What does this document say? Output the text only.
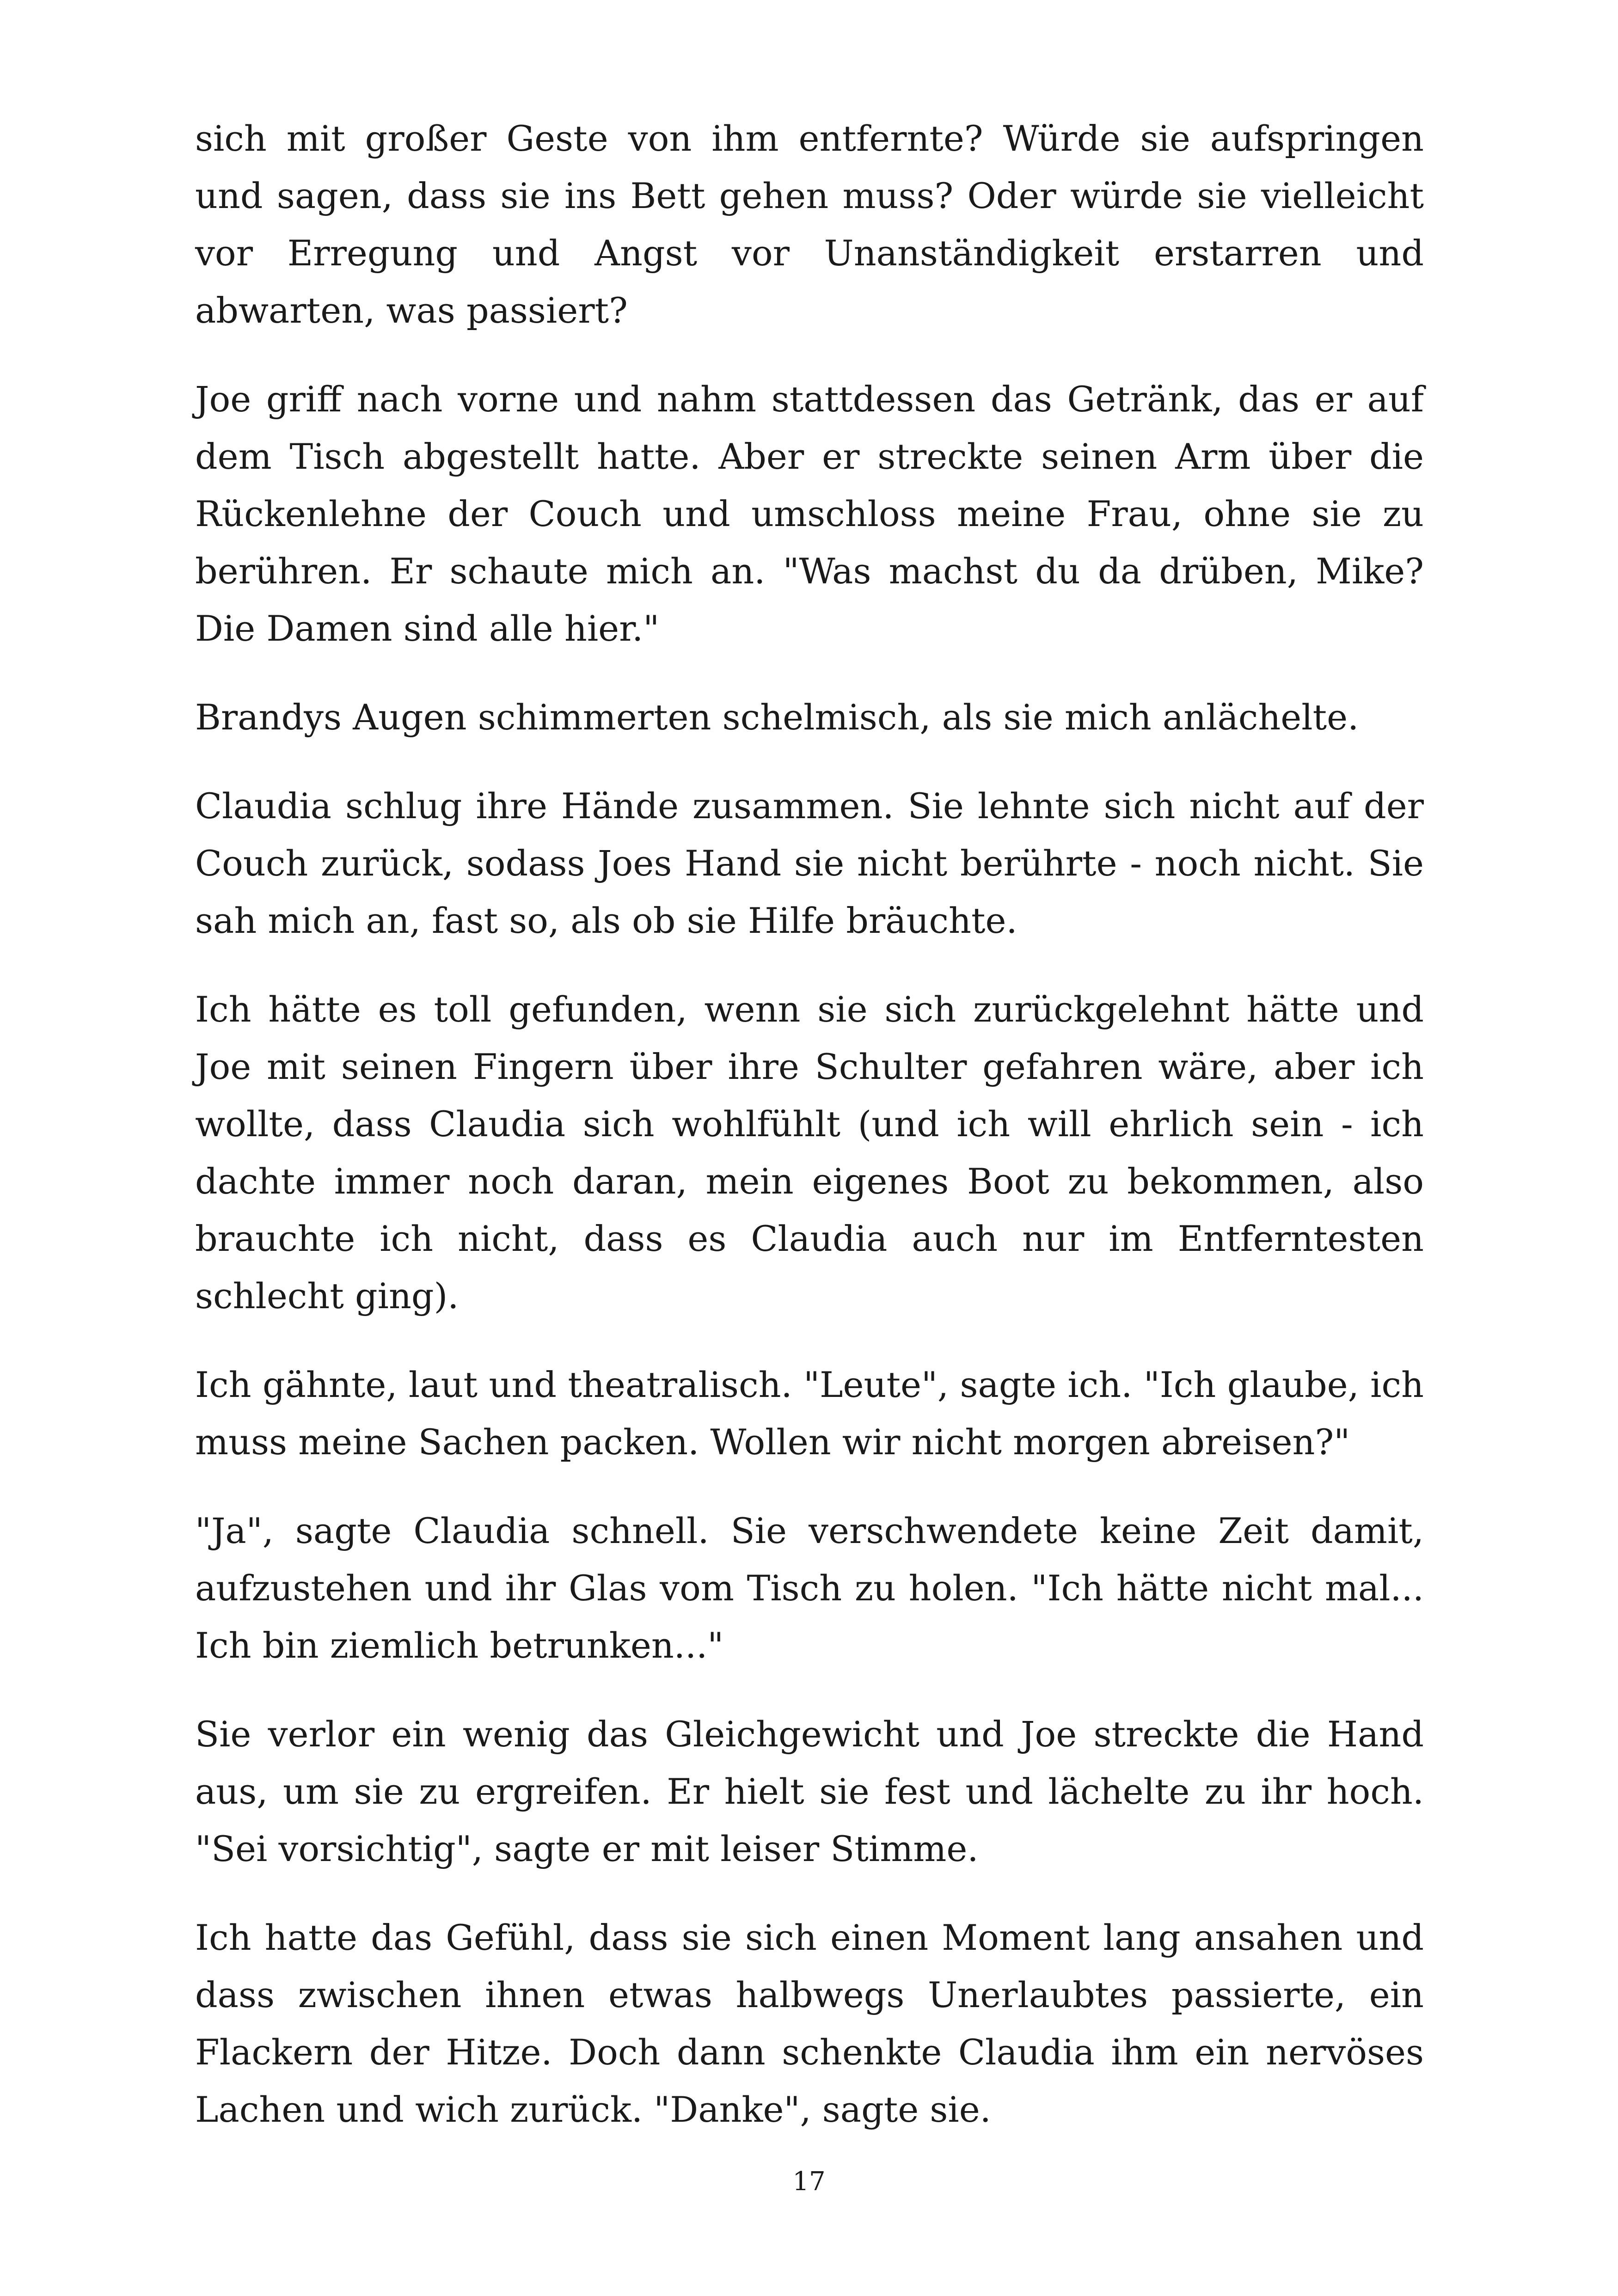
sich mit großer Geste von ihm entfernte? Würde sie aufspringen und sagen, dass sie ins Bett gehen muss? Oder würde sie vielleicht vor Erregung und Angst vor Unanständigkeit erstarren und abwarten, was passiert?

Joe griff nach vorne und nahm stattdessen das Getränk, das er auf dem Tisch abgestellt hatte. Aber er streckte seinen Arm über die Rückenlehne der Couch und umschloss meine Frau, ohne sie zu berühren. Er schaute mich an. "Was machst du da drüben, Mike? Die Damen sind alle hier."

Brandys Augen schimmerten schelmisch, als sie mich anlächelte.

Claudia schlug ihre Hände zusammen. Sie lehnte sich nicht auf der Couch zurück, sodass Joes Hand sie nicht berührte - noch nicht. Sie sah mich an, fast so, als ob sie Hilfe bräuchte.

Ich hätte es toll gefunden, wenn sie sich zurückgelehnt hätte und Joe mit seinen Fingern über ihre Schulter gefahren wäre, aber ich wollte, dass Claudia sich wohlfühlt (und ich will ehrlich sein - ich dachte immer noch daran, mein eigenes Boot zu bekommen, also brauchte ich nicht, dass es Claudia auch nur im Entferntesten schlecht ging).

Ich gähnte, laut und theatralisch. "Leute", sagte ich. "Ich glaube, ich muss meine Sachen packen. Wollen wir nicht morgen abreisen?"

"Ja", sagte Claudia schnell. Sie verschwendete keine Zeit damit, aufzustehen und ihr Glas vom Tisch zu holen. "Ich hätte nicht mal... Ich bin ziemlich betrunken..."

Sie verlor ein wenig das Gleichgewicht und Joe streckte die Hand aus, um sie zu ergreifen. Er hielt sie fest und lächelte zu ihr hoch. "Sei vorsichtig", sagte er mit leiser Stimme.

Ich hatte das Gefühl, dass sie sich einen Moment lang ansahen und dass zwischen ihnen etwas halbwegs Unerlaubtes passierte, ein Flackern der Hitze. Doch dann schenkte Claudia ihm ein nervöses Lachen und wich zurück. "Danke", sagte sie.

17
